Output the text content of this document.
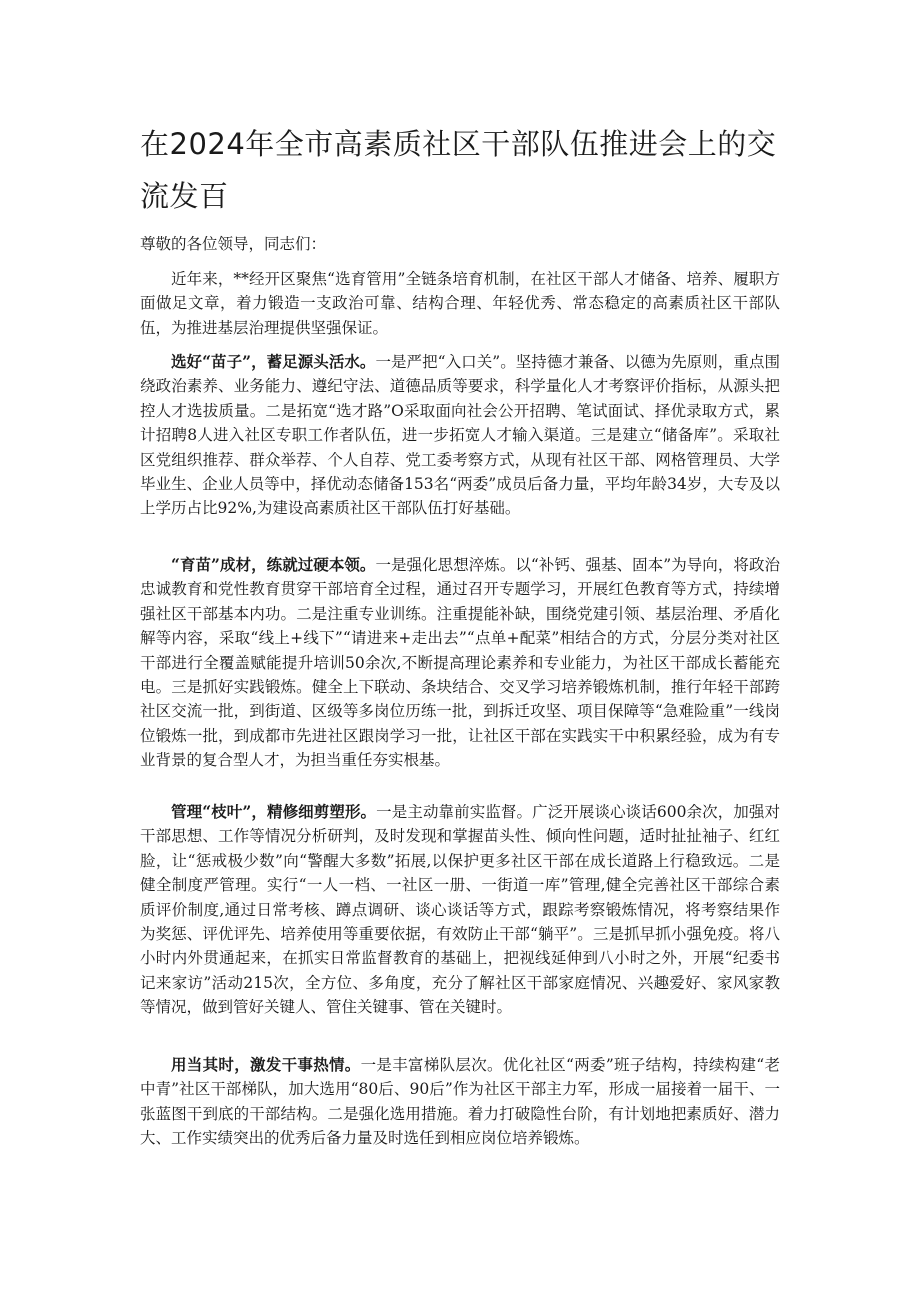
在2024年全市高素质社区干部队伍推进会上的交流发百

尊敬的各位领导，同志们：

近年来，**经开区聚焦“选育管用”全链条培育机制，在社区干部人才储备、培养、履职方面做足文章，着力锻造一支政治可靠、结构合理、年轻优秀、常态稳定的高素质社区干部队伍，为推进基层治理提供坚强保证。

选好“苗子”，蓄足源头活水。一是严把“入口关”。坚持德才兼备、以德为先原则，重点围绕政治素养、业务能力、遵纪守法、道德品质等要求，科学量化人才考察评价指标，从源头把控人才选拔质量。二是拓宽“选才路”O采取面向社会公开招聘、笔试面试、择优录取方式，累计招聘8人进入社区专职工作者队伍，进一步拓宽人才输入渠道。三是建立“储备库”。采取社区党组织推荐、群众举荐、个人自荐、党工委考察方式，从现有社区干部、网格管理员、大学毕业生、企业人员等中，择优动态储备153名“两委”成员后备力量，平均年龄34岁，大专及以上学历占比92%,为建设高素质社区干部队伍打好基础。

“育苗”成材，练就过硬本领。一是强化思想淬炼。以“补钙、强基、固本”为导向，将政治忠诚教育和党性教育贯穿干部培育全过程，通过召开专题学习，开展红色教育等方式，持续增强社区干部基本内功。二是注重专业训练。注重提能补缺，围绕党建引领、基层治理、矛盾化解等内容，采取“线上+线下”“请进来+走出去”“点单+配菜”相结合的方式，分层分类对社区干部进行全覆盖赋能提升培训50余次,不断提高理论素养和专业能力，为社区干部成长蓄能充电。三是抓好实践锻炼。健全上下联动、条块结合、交叉学习培养锻炼机制，推行年轻干部跨社区交流一批，到街道、区级等多岗位历练一批，到拆迁攻坚、项目保障等“急难险重”一线岗位锻炼一批，到成都市先进社区跟岗学习一批，让社区干部在实践实干中积累经验，成为有专业背景的复合型人才，为担当重任夯实根基。

管理“枝叶”，精修细剪塑形。一是主动靠前实监督。广泛开展谈心谈话600余次，加强对干部思想、工作等情况分析研判，及时发现和掌握苗头性、倾向性问题，适时扯扯袖子、红红脸，让“惩戒极少数”向“警醒大多数”拓展,以保护更多社区干部在成长道路上行稳致远。二是健全制度严管理。实行“一人一档、一社区一册、一街道一库”管理,健全完善社区干部综合素质评价制度,通过日常考核、蹲点调研、谈心谈话等方式，跟踪考察锻炼情况，将考察结果作为奖惩、评优评先、培养使用等重要依据，有效防止干部“躺平”。三是抓早抓小强免疫。将八小时内外贯通起来，在抓实日常监督教育的基础上，把视线延伸到八小时之外，开展“纪委书记来家访”活动215次，全方位、多角度，充分了解社区干部家庭情况、兴趣爱好、家风家教等情况，做到管好关键人、管住关键事、管在关键时。

用当其时，激发干事热情。一是丰富梯队层次。优化社区“两委”班子结构，持续构建“老中青”社区干部梯队，加大选用“80后、90后”作为社区干部主力军，形成一届接着一届干、一张蓝图干到底的干部结构。二是强化选用措施。着力打破隐性台阶，有计划地把素质好、潜力大、工作实绩突出的优秀后备力量及时选任到相应岗位培养锻炼。
